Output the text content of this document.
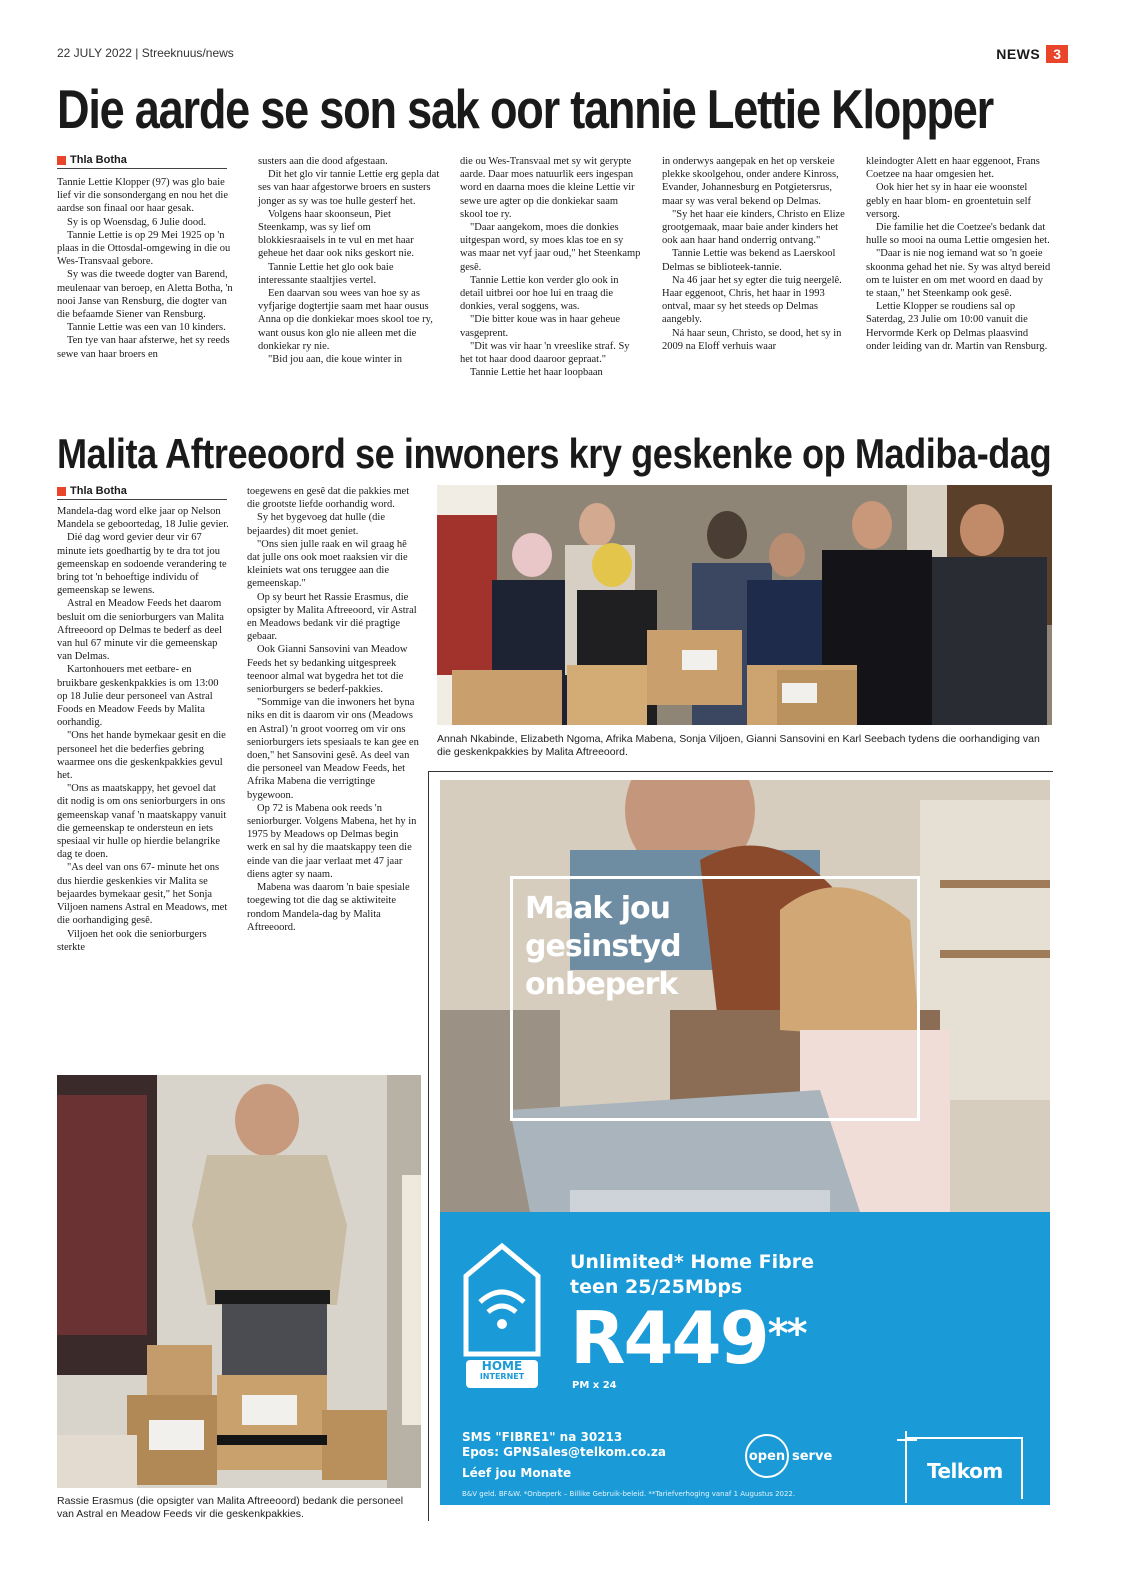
22 JULY 2022 | Streeknuus/news	NEWS 3
Die aarde se son sak oor tannie Lettie Klopper
Thla Botha

Tannie Lettie Klopper (97) was glo baie lief vir die sonsondergang en nou het die aardse son finaal oor haar gesak.

Sy is op Woensdag, 6 Julie dood.

Tannie Lettie is op 29 Mei 1925 op 'n plaas in die Ottosdal-omgewing in die ou Wes-Transvaal gebore.

Sy was die tweede dogter van Barend, meulenaar van beroep, en Aletta Botha, 'n nooi Janse van Rensburg, die dogter van die befaamde Siener van Rensburg.

Tannie Lettie was een van 10 kinders.

Ten tye van haar afsterwe, het sy reeds sewe van haar broers en

susters aan die dood afgestaan.

Dit het glo vir tannie Lettie erg gepla dat ses van haar afgestorwe broers en susters jonger as sy was toe hulle gesterf het.

Volgens haar skoonseun, Piet Steenkamp, was sy lief om blokkiesraaisels in te vul en met haar geheue het daar ook niks geskort nie.

Tannie Lettie het glo ook baie interessante staaltjies vertel.

Een daarvan sou wees van hoe sy as vyfjarige dogtertjie saam met haar ousus Anna op die donkiekar moes skool toe ry, want ousus kon glo nie alleen met die donkiekar ry nie.

"Bid jou aan, die koue winter in

die ou Wes-Transvaal met sy wit gerypte aarde. Daar moes natuurlik eers ingespan word en daarna moes die kleine Lettie vir sewe ure agter op die donkiekar saam skool toe ry.

"Daar aangekom, moes die donkies uitgespan word, sy moes klas toe en sy was maar net vyf jaar oud," het Steenkamp gesê.

Tannie Lettie kon verder glo ook in detail uitbrei oor hoe lui en traag die donkies, veral soggens, was.

"Die bitter koue was in haar geheue vasgeprent.

"Dit was vir haar 'n vreeslike straf. Sy het tot haar dood daaroor gepraat."

Tannie Lettie het haar loopbaan

in onderwys aangepak en het op verskeie plekke skoolgehou, onder andere Kinross, Evander, Johannesburg en Potgietersrus, maar sy was veral bekend op Delmas.

"Sy het haar eie kinders, Christo en Elize grootgemaak, maar baie ander kinders het ook aan haar hand onderrig ontvang."

Tannie Lettie was bekend as Laerskool Delmas se biblioteek-tannie.

Na 46 jaar het sy egter die tuig neergelê. Haar eggenoot, Chris, het haar in 1993 ontval, maar sy het steeds op Delmas aangebly.

Ná haar seun, Christo, se dood, het sy in 2009 na Eloff verhuis waar

kleindogter Alett en haar eggenoot, Frans Coetzee na haar omgesien het.

Ook hier het sy in haar eie woonstel gebly en haar blom- en groentetuin self versorg.

Die familie het die Coetzee's bedank dat hulle so mooi na ouma Lettie omgesien het.

"Daar is nie nog iemand wat so 'n goeie skoonma gehad het nie. Sy was altyd bereid om te luister en om met woord en daad by te staan," het Steenkamp ook gesê.

Lettie Klopper se roudiens sal op Saterdag, 23 Julie om 10:00 vanuit die Hervormde Kerk op Delmas plaasvind onder leiding van dr. Martin van Rensburg.

Malita Aftreeoord se inwoners kry geskenke op Madiba-dag
Thla Botha

Mandela-dag word elke jaar op Nelson Mandela se geboortedag, 18 Julie gevier.

Dié dag word gevier deur vir 67 minute iets goedhartig by te dra tot jou gemeenskap en sodoende verandering te bring tot 'n behoeftige individu of gemeenskap se lewens.

Astral en Meadow Feeds het daarom besluit om die seniorburgers van Malita Aftreeoord op Delmas te bederf as deel van hul 67 minute vir die gemeenskap van Delmas.

Kartonhouers met eetbare- en bruikbare geskenkpakkies is om 13:00 op 18 Julie deur personeel van Astral Foods en Meadow Feeds by Malita oorhandig.

"Ons het hande bymekaar gesit en die personeel het die bederfies gebring waarmee ons die geskenkpakkies gevul het.

"Ons as maatskappy, het gevoel dat dit nodig is om ons seniorburgers in ons gemeenskap vanaf 'n maatskappy vanuit die gemeenskap te ondersteun en iets spesiaal vir hulle op hierdie belangrike dag te doen.

"As deel van ons 67- minute het ons dus hierdie geskenkies vir Malita se bejaardes bymekaar gesit," het Sonja Viljoen namens Astral en Meadows, met die oorhandiging gesê.

Viljoen het ook die seniorburgers sterkte

toegewens en gesê dat die pakkies met die grootste liefde oorhandig word.

Sy het bygevoeg dat hulle (die bejaardes) dit moet geniet.

"Ons sien julle raak en wil graag hê dat julle ons ook moet raaksien vir die kleiniets wat ons teruggee aan die gemeenskap."

Op sy beurt het Rassie Erasmus, die opsigter by Malita Aftreeoord, vir Astral en Meadows bedank vir dié pragtige gebaar.

Ook Gianni Sansovini van Meadow Feeds het sy bedanking uitgespreek teenoor almal wat bygedra het tot die seniorburgers se bederf-pakkies.

"Sommige van die inwoners het byna niks en dit is daarom vir ons (Meadows en Astral) 'n groot voorreg om vir ons seniorburgers iets spesiaals te kan gee en doen," het Sansovini gesê. As deel van die personeel van Meadow Feeds, het Afrika Mabena die verrigtinge bygewoon.

Op 72 is Mabena ook reeds 'n seniorburger. Volgens Mabena, het hy in 1975 by Meadows op Delmas begin werk en sal hy die maatskappy teen die einde van die jaar verlaat met 47 jaar diens agter sy naam.

Mabena was daarom 'n baie spesiale toegewing tot die dag se aktiwiteite rondom Mandela-dag by Malita Aftreeoord.

Annah Nkabinde, Elizabeth Ngoma, Afrika Mabena, Sonja Viljoen, Gianni Sansovini en Karl Seebach tydens die oorhandiging van die geskenkpakkies by Malita Aftreeoord.
Rassie Erasmus (die opsigter van Malita Aftreeoord) bedank die personeel van Astral en Meadow Feeds vir die geskenkpakkies.
Maak jou
gesinstyd
onbeperk
HOME
INTERNET
Unlimited* Home Fibre
teen 25/25Mbps
R449**
PM x 24
SMS "FIBRE1" na 30213
Epos: GPNSales@telkom.co.za
Léef jou Monate
B&V geld. BF&W. *Onbeperk – Billike Gebruik-beleid. **Tariefverhoging vanaf 1 Augustus 2022.
open serve
Telkom
